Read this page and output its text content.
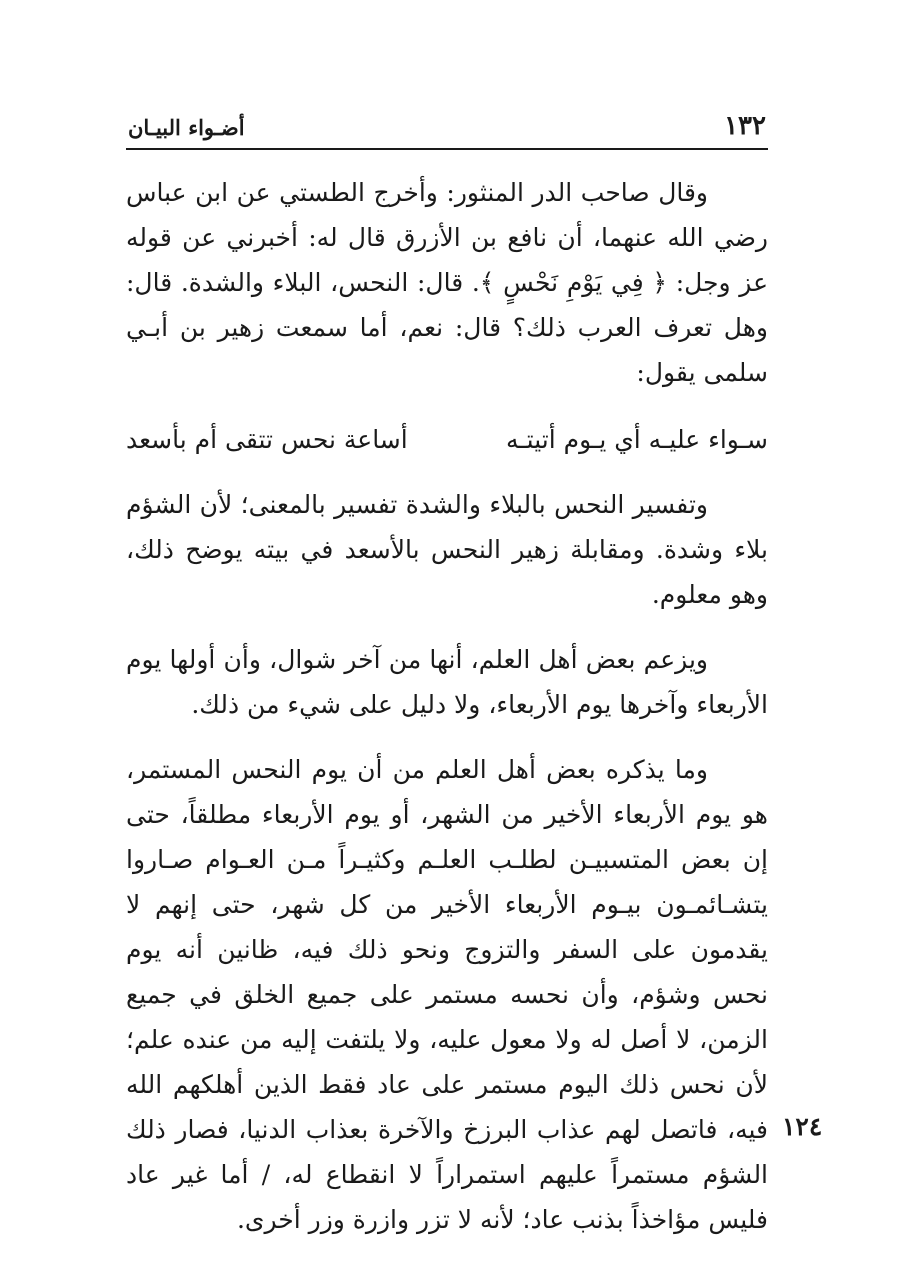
١٣٢
أضـواء البيـان

وقال صاحب الدر المنثور: وأخرج الطستي عن ابن عباس رضي الله عنهما، أن نافع بن الأزرق قال له: أخبرني عن قوله عز وجل: ﴿ فِي يَوْمِ نَحْسٍ ﴾. قال: النحس، البلاء والشدة. قال: وهل تعرف العرب ذلك؟ قال: نعم، أما سمعت زهير بن أبـي سلمى يقول:

سـواء عليـه أي يـوم أتيتـه
أساعة نحس تتقى أم بأسعد

وتفسير النحس بالبلاء والشدة تفسير بالمعنى؛ لأن الشؤم بلاء وشدة. ومقابلة زهير النحس بالأسعد في بيته يوضح ذلك، وهو معلوم.

ويزعم بعض أهل العلم، أنها من آخر شوال، وأن أولها يوم الأربعاء وآخرها يوم الأربعاء، ولا دليل على شيء من ذلك.

وما يذكره بعض أهل العلم من أن يوم النحس المستمر، هو يوم الأربعاء الأخير من الشهر، أو يوم الأربعاء مطلقاً، حتى إن بعض المتسبيـن لطلـب العلـم وكثيـراً مـن العـوام صـاروا يتشـائمـون بيـوم الأربعاء الأخير من كل شهر، حتى إنهم لا يقدمون على السفر والتزوج ونحو ذلك فيه، ظانين أنه يوم نحس وشؤم، وأن نحسه مستمر على جميع الخلق في جميع الزمن، لا أصل له ولا معول عليه، ولا يلتفت إليه من عنده علم؛ لأن نحس ذلك اليوم مستمر على عاد فقط الذين أهلكهم الله فيه، فاتصل لهم عذاب البرزخ والآخرة بعذاب الدنيا، فصار ذلك الشؤم مستمراً عليهم استمراراً لا انقطاع له، / أما غير عاد فليس مؤاخذاً بذنب عاد؛ لأنه لا تزر وازرة وزر أخرى.

١٢٤
